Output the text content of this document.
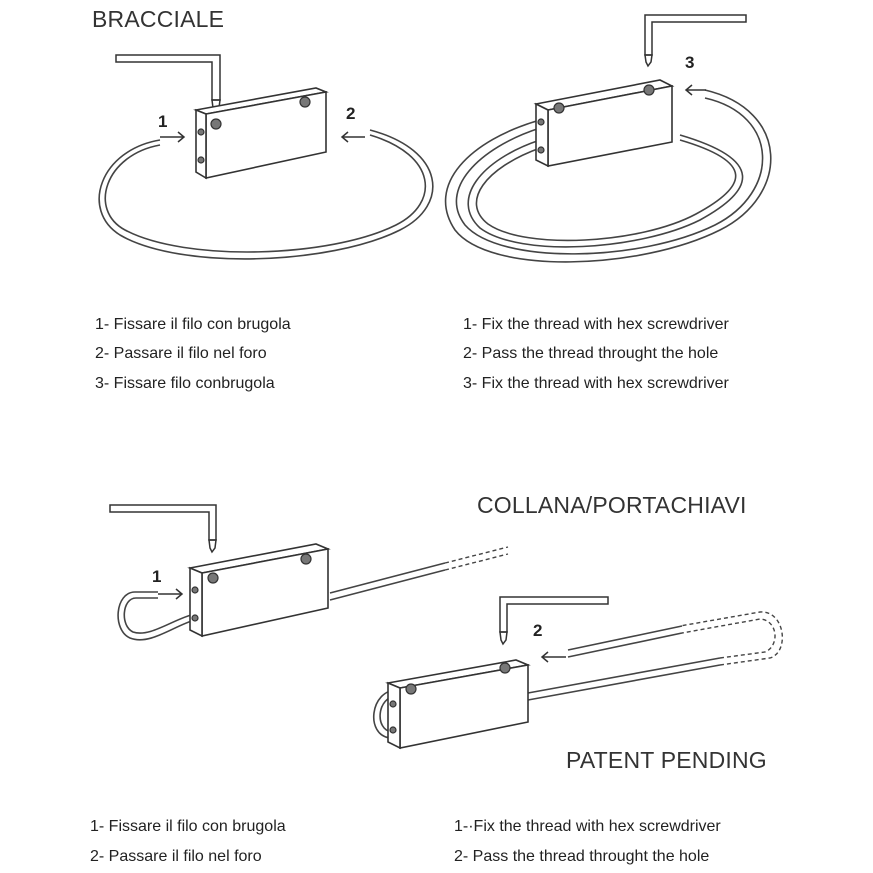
1	2
3
1
2
BRACCIALE
COLLANA/PORTACHIAVI
PATENT PENDING
1- Fissare il filo con brugola
2- Passare il filo nel foro
3- Fissare filo conbrugola
1- Fix the thread with hex screwdriver
2- Pass the thread throught the hole
3- Fix the thread with hex screwdriver
1- Fissare il filo con brugola
2- Passare il filo nel foro
1-·Fix the thread with hex screwdriver
2- Pass the thread throught the hole
